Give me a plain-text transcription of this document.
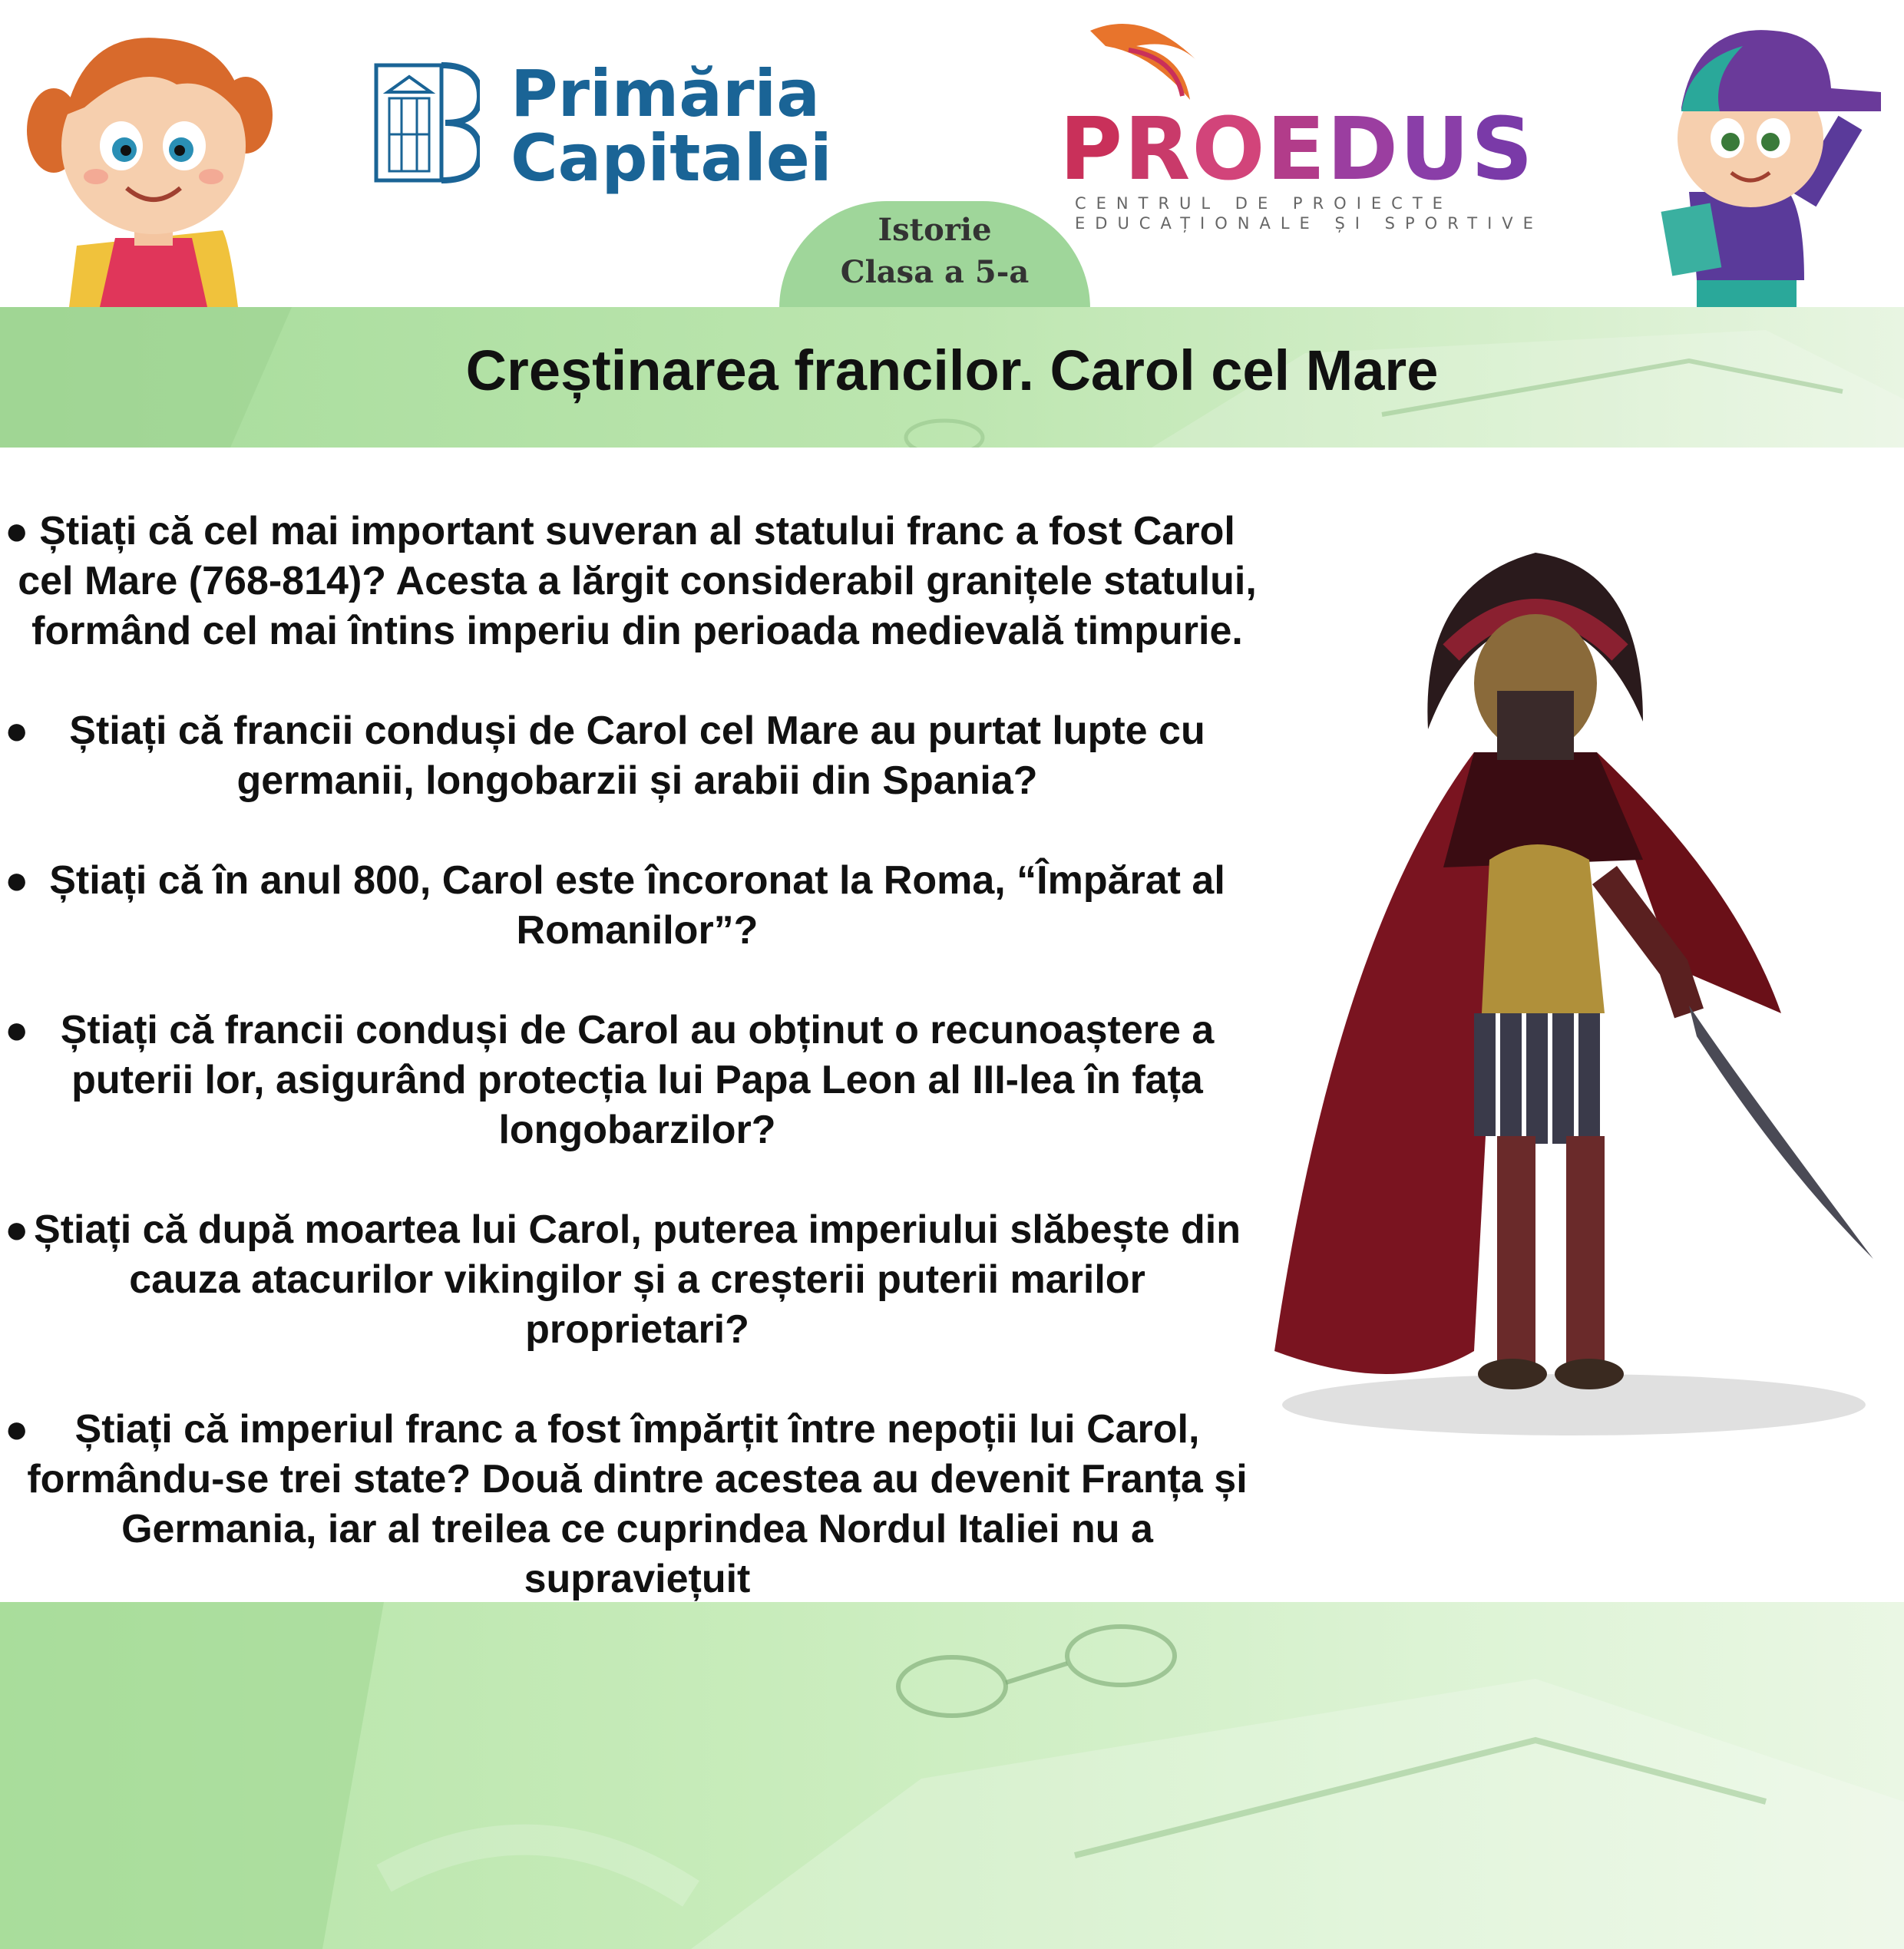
Primăria
Capitalei	PROEDUS
CENTRUL DE PROIECTE
EDUCAȚIONALE ȘI SPORTIVE
Istorie
Clasa a 5-a
Creștinarea francilor. Carol cel Mare
● Știați că cel mai important suveran al statului franc a fost Carol
cel Mare (768-814)? Acesta a lărgit considerabil granițele statului,
formând cel mai întins imperiu din perioada medievală timpurie.
●	Știați că francii conduși de Carol cel Mare au purtat lupte cu
germanii, longobarzii și arabii din Spania?
● Știați că în anul 800, Carol este încoronat la Roma, “Împărat al
Romanilor”?
● Știați că francii conduși de Carol au obținut o recunoaștere a
puterii lor, asigurând protecția lui Papa Leon al III-lea în fața
longobarzilor?
● Știați că după moartea lui Carol, puterea imperiului slăbește din
cauza atacurilor vikingilor și a creșterii puterii marilor proprietari?
●	Știați că imperiul franc a fost împărțit între nepoții lui Carol,
formându-se trei state? Două dintre acestea au devenit Franța și
Germania, iar al treilea ce cuprindea Nordul Italiei nu a supraviețuit
